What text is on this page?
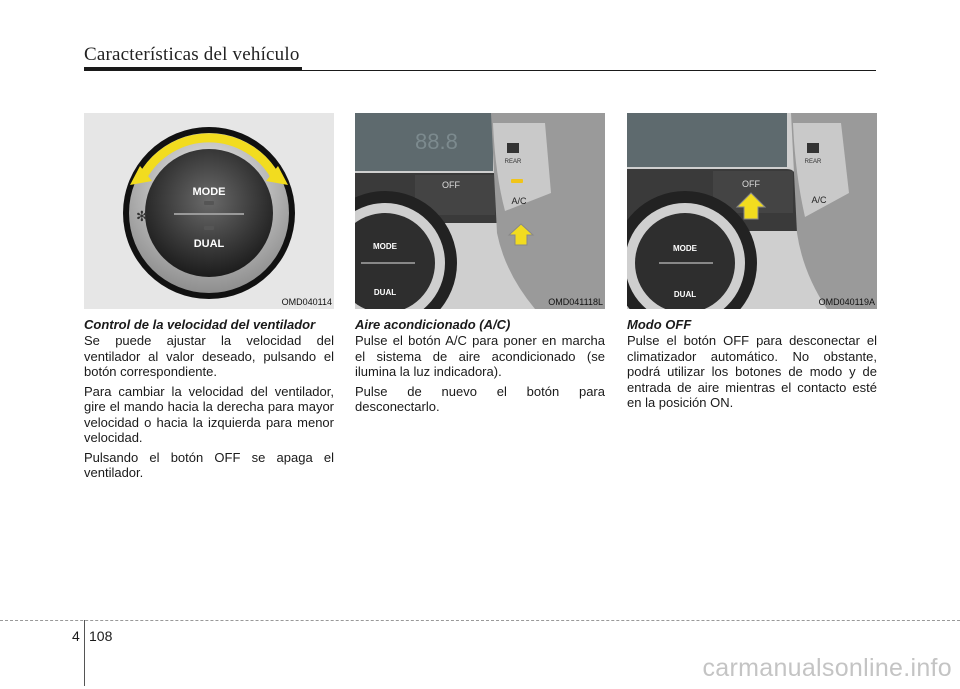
Características del vehículo
MODE
DUAL
✻
OMD040114
Control de la velocidad del ventilador

Se puede ajustar la velocidad del ventilador al valor deseado, pulsando el botón correspondiente.

Para cambiar la velocidad del ventilador, gire el mando hacia la derecha para mayor velocidad o hacia la izquierda para menor velocidad.

Pulsando el botón OFF se apaga el ventilador.

88.8
OFF
REAR
A/C
MODE
DUAL
OMD041118L
Aire acondicionado (A/C)

Pulse el botón A/C para poner en marcha el sistema de aire acondicionado (se ilumina la luz indicadora).

Pulse de nuevo el botón para desconectarlo.

OFF
REAR
A/C
MODE
DUAL
OMD040119A
Modo OFF

Pulse el botón OFF para desconectar el climatizador automático. No obstante, podrá utilizar los botones de modo y de entrada de aire mientras el contacto esté en la posición ON.

4 108
carmanualsonline.info
